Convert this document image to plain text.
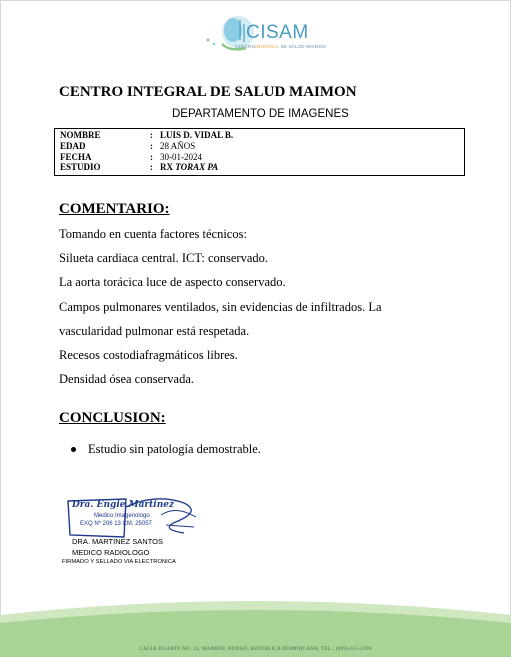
CISAM
CENTROINTEGRAL DE SALUD MAIMON
CENTRO INTEGRAL DE SALUD MAIMON
DEPARTAMENTO DE IMAGENES
NOMBRE	: LUIS D. VIDAL B.
EDAD	: 28 AÑOS
FECHA	: 30-01-2024
ESTUDIO	: RX TORAX PA
COMENTARIO:

Tomando en cuenta factores técnicos:

Silueta cardiaca central. ICT: conservado.

La aorta torácica luce de aspecto conservado.

Campos pulmonares ventilados, sin evidencias de infiltrados. La

vascularidad pulmonar está respetada.

Recesos costodiafragmáticos libres.

Densidad ósea conservada.

CONCLUSION:
Estudio sin patología demostrable.
Dra. Engie Martinez
Medico Imagenologo
EXQ Nº 206 13 CM. 25057
DRA. MARTINEZ SANTOS
MEDICO RADIOLOGO
FIRMADO Y SELLADO VIA ELECTRONICA
CALLE DUARTE NO. 13, MAIMÓN, BONAO, REPUBLICA DOMINICANA, TEL.: (809)-551-2196
